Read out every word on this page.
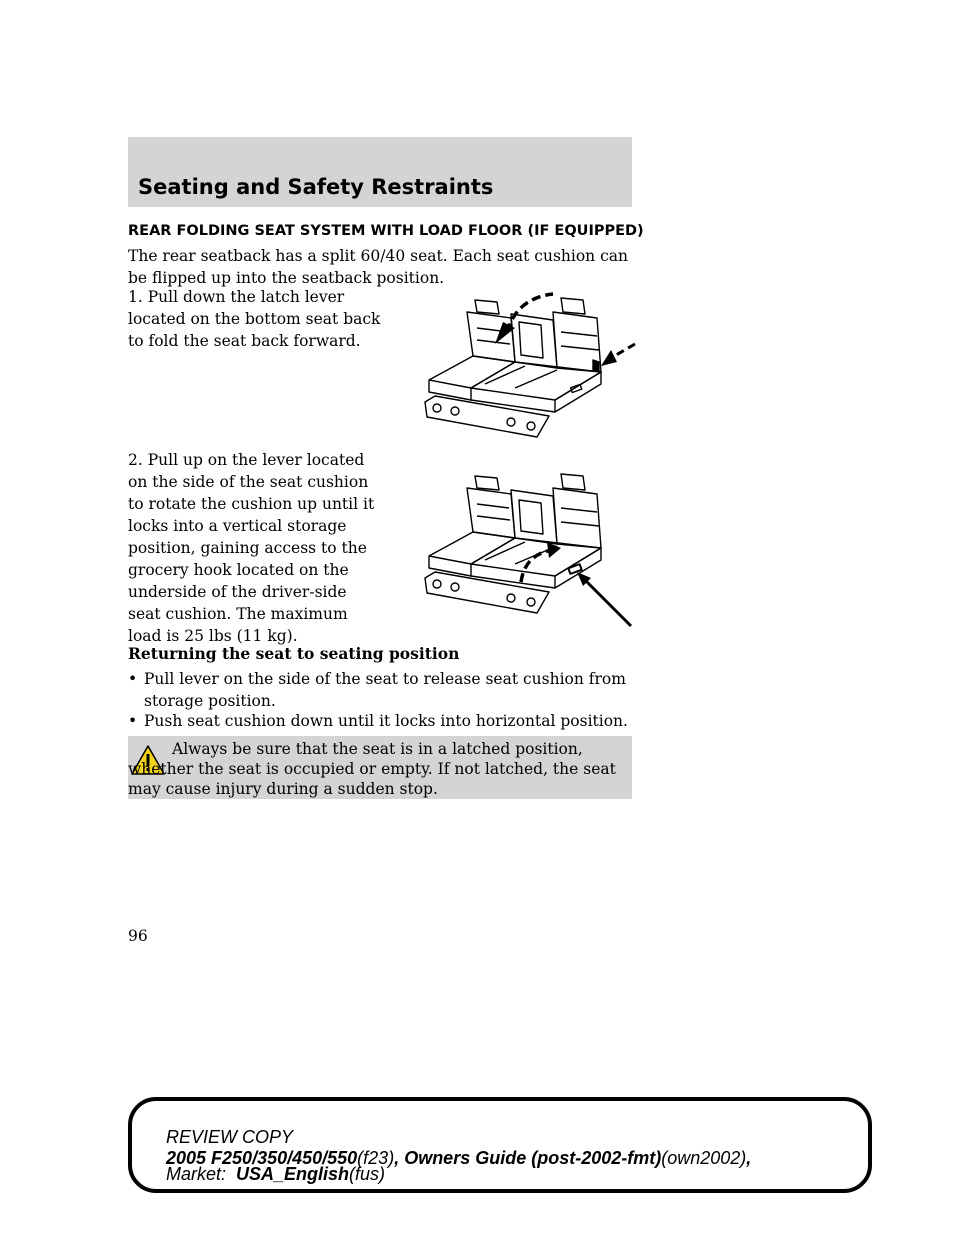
Seating and Safety Restraints
REAR FOLDING SEAT SYSTEM WITH LOAD FLOOR (IF EQUIPPED)

The rear seatback has a split 60/40 seat. Each seat cushion can be flipped up into the seatback position.

1. Pull down the latch lever located on the bottom seat back to fold the seat back forward.

2. Pull up on the lever located on the side of the seat cushion to rotate the cushion up until it locks into a vertical storage position, gaining access to the grocery hook located on the underside of the driver-side seat cushion. The maximum load is 25 lbs (11 kg).

Returning the seat to seating position
• Pull lever on the side of the seat to release seat cushion from storage position.
• Push seat cushion down until it locks into horizontal position.

Always be sure that the seat is in a latched position, whether the seat is occupied or empty. If not latched, the seat may cause injury during a sudden stop.

96
REVIEW COPY
2005 F250/350/450/550(f23), Owners Guide (post-2002-fmt)(own2002),
Market:  USA_English(fus)
